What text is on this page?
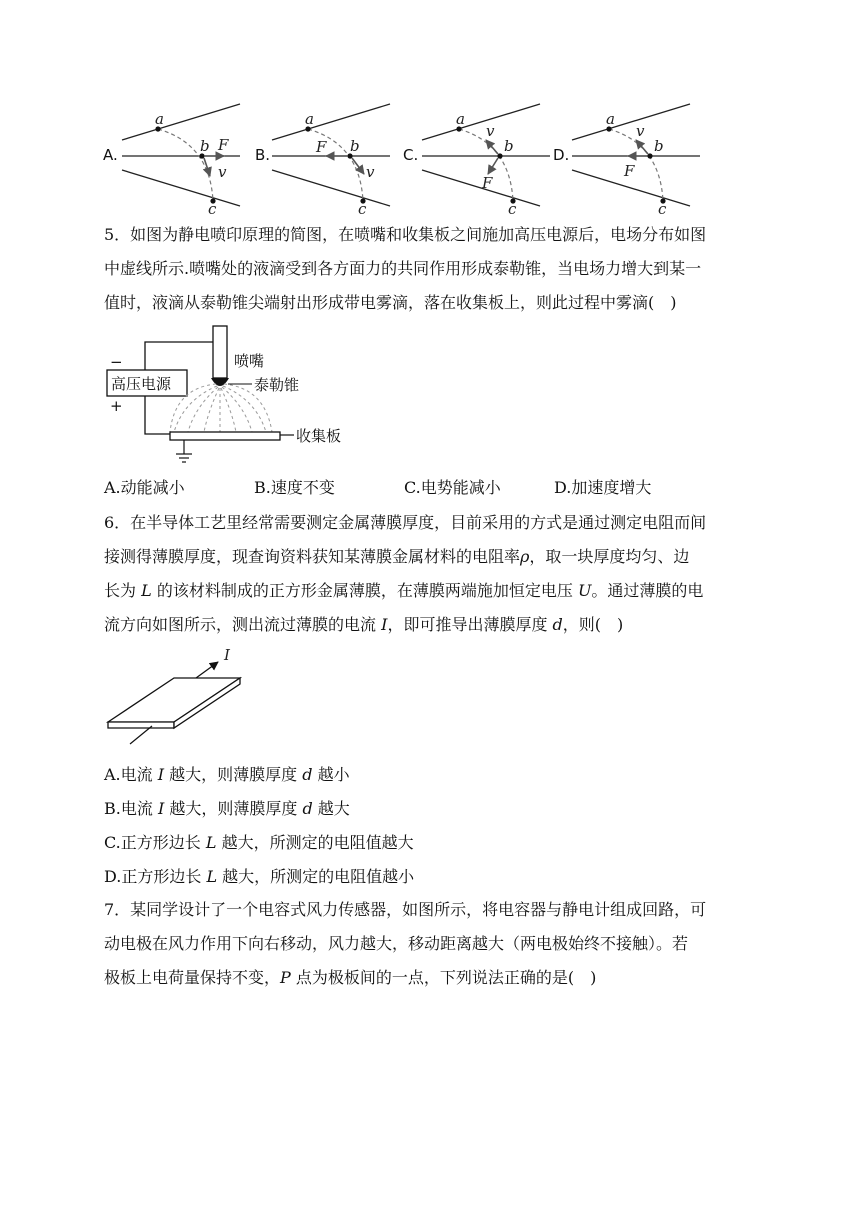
A.
a
b F
v
c
B.
a
b
F
v
c
C.
a
b
v
F
c
D.
a
b
v
F
c
5．如图为静电喷印原理的简图，在喷嘴和收集板之间施加高压电源后，电场分布如图
中虚线所示.喷嘴处的液滴受到各方面力的共同作用形成泰勒锥，当电场力增大到某一
值时，液滴从泰勒锥尖端射出形成带电雾滴，落在收集板上，则此过程中雾滴(　)
高压电源
−
+
喷嘴
泰勒锥
收集板
A.动能减小	B.速度不变	C.电势能减小	D.加速度增大
6．在半导体工艺里经常需要测定金属薄膜厚度，目前采用的方式是通过测定电阻而间
接测得薄膜厚度，现查询资料获知某薄膜金属材料的电阻率ρ，取一块厚度均匀、边
长为 L 的该材料制成的正方形金属薄膜，在薄膜两端施加恒定电压 U。通过薄膜的电
流方向如图所示，测出流过薄膜的电流 I，即可推导出薄膜厚度 d，则(　)
I
A.电流 I 越大，则薄膜厚度 d 越小
B.电流 I 越大，则薄膜厚度 d 越大
C.正方形边长 L 越大，所测定的电阻值越大
D.正方形边长 L 越大，所测定的电阻值越小
7．某同学设计了一个电容式风力传感器，如图所示，将电容器与静电计组成回路，可
动电极在风力作用下向右移动，风力越大，移动距离越大（两电极始终不接触）。若
极板上电荷量保持不变，P 点为极板间的一点，下列说法正确的是(　)
